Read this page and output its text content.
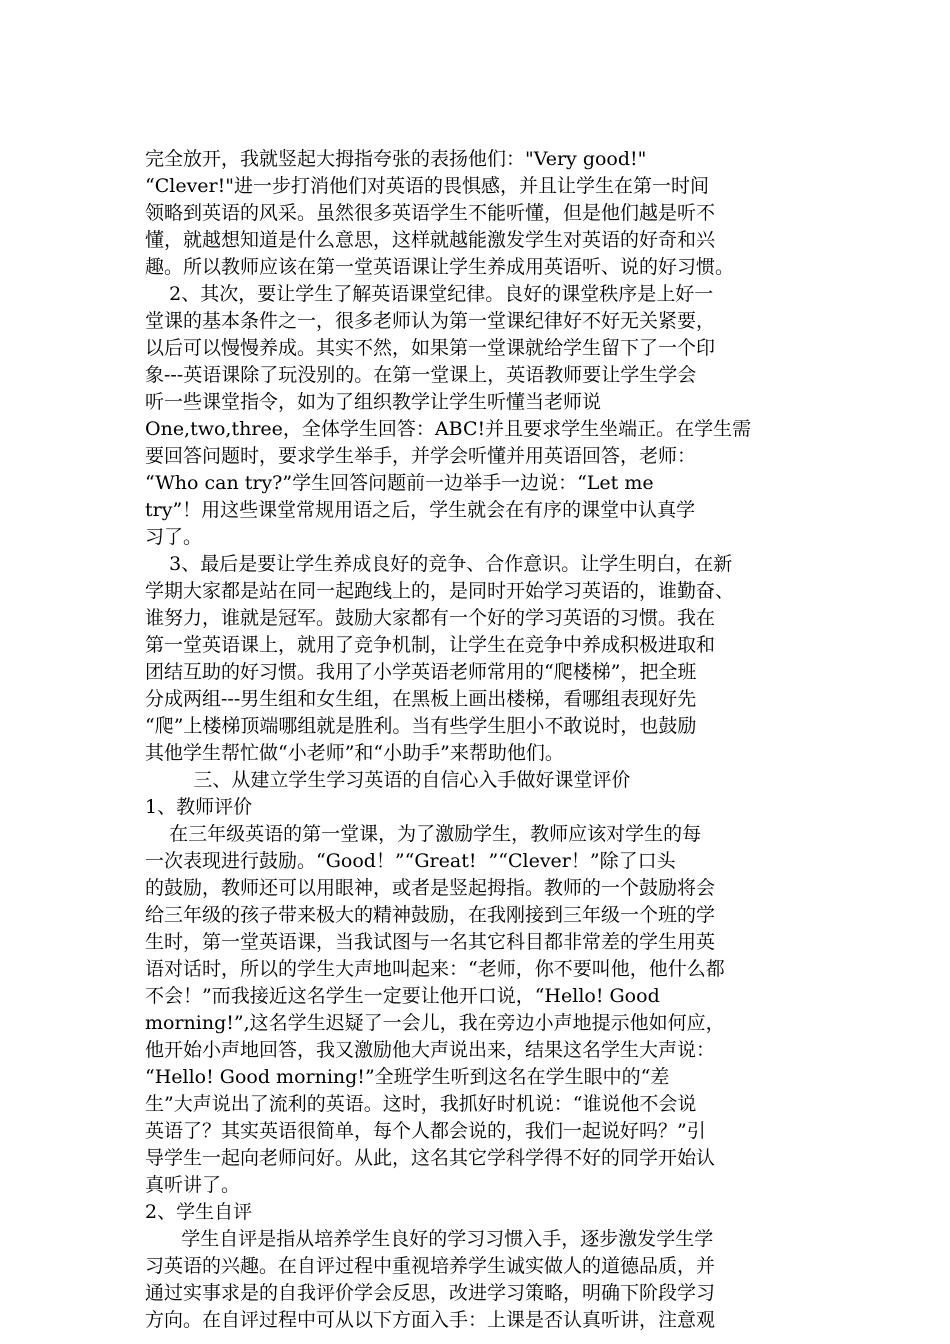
完全放开，我就竖起大拇指夸张的表扬他们："Very good!"
“Clever!"进一步打消他们对英语的畏惧感，并且让学生在第一时间
领略到英语的风采。虽然很多英语学生不能听懂，但是他们越是听不
懂，就越想知道是什么意思，这样就越能激发学生对英语的好奇和兴
趣。所以教师应该在第一堂英语课让学生养成用英语听、说的好习惯。
2、其次，要让学生了解英语课堂纪律。良好的课堂秩序是上好一
堂课的基本条件之一，很多老师认为第一堂课纪律好不好无关紧要，
以后可以慢慢养成。其实不然，如果第一堂课就给学生留下了一个印
象---英语课除了玩没别的。在第一堂课上，英语教师要让学生学会
听一些课堂指令，如为了组织教学让学生听懂当老师说
One,two,three，全体学生回答：ABC!并且要求学生坐端正。在学生需
要回答问题时，要求学生举手，并学会听懂并用英语回答，老师：
“Who can try?”学生回答问题前一边举手一边说：“Let me
try”！用这些课堂常规用语之后，学生就会在有序的课堂中认真学
习了。
3、最后是要让学生养成良好的竞争、合作意识。让学生明白，在新
学期大家都是站在同一起跑线上的，是同时开始学习英语的，谁勤奋、
谁努力，谁就是冠军。鼓励大家都有一个好的学习英语的习惯。我在
第一堂英语课上，就用了竞争机制，让学生在竞争中养成积极进取和
团结互助的好习惯。我用了小学英语老师常用的“爬楼梯”，把全班
分成两组---男生组和女生组，在黑板上画出楼梯，看哪组表现好先
“爬”上楼梯顶端哪组就是胜利。当有些学生胆小不敢说时，也鼓励
其他学生帮忙做“小老师”和“小助手”来帮助他们。
三、从建立学生学习英语的自信心入手做好课堂评价
1、教师评价
在三年级英语的第一堂课，为了激励学生，教师应该对学生的每
一次表现进行鼓励。“Good！”“Great!  ”“Clever！”除了口头
的鼓励，教师还可以用眼神，或者是竖起拇指。教师的一个鼓励将会
给三年级的孩子带来极大的精神鼓励，在我刚接到三年级一个班的学
生时，第一堂英语课，当我试图与一名其它科目都非常差的学生用英
语对话时，所以的学生大声地叫起来：“老师，你不要叫他，他什么都
不会！”而我接近这名学生一定要让他开口说，“Hello! Good
morning!”,这名学生迟疑了一会儿，我在旁边小声地提示他如何应，
他开始小声地回答，我又激励他大声说出来，结果这名学生大声说：
“Hello! Good morning!”全班学生听到这名在学生眼中的“差
生”大声说出了流利的英语。这时，我抓好时机说：“谁说他不会说
英语了？其实英语很简单，每个人都会说的，我们一起说好吗？”引
导学生一起向老师问好。从此，这名其它学科学得不好的同学开始认
真听讲了。
2、学生自评
学生自评是指从培养学生良好的学习习惯入手，逐步激发学生学
习英语的兴趣。在自评过程中重视培养学生诚实做人的道德品质，并
通过实事求是的自我评价学会反思，改进学习策略，明确下阶段学习
方向。在自评过程中可从以下方面入手：上课是否认真听讲，注意观
